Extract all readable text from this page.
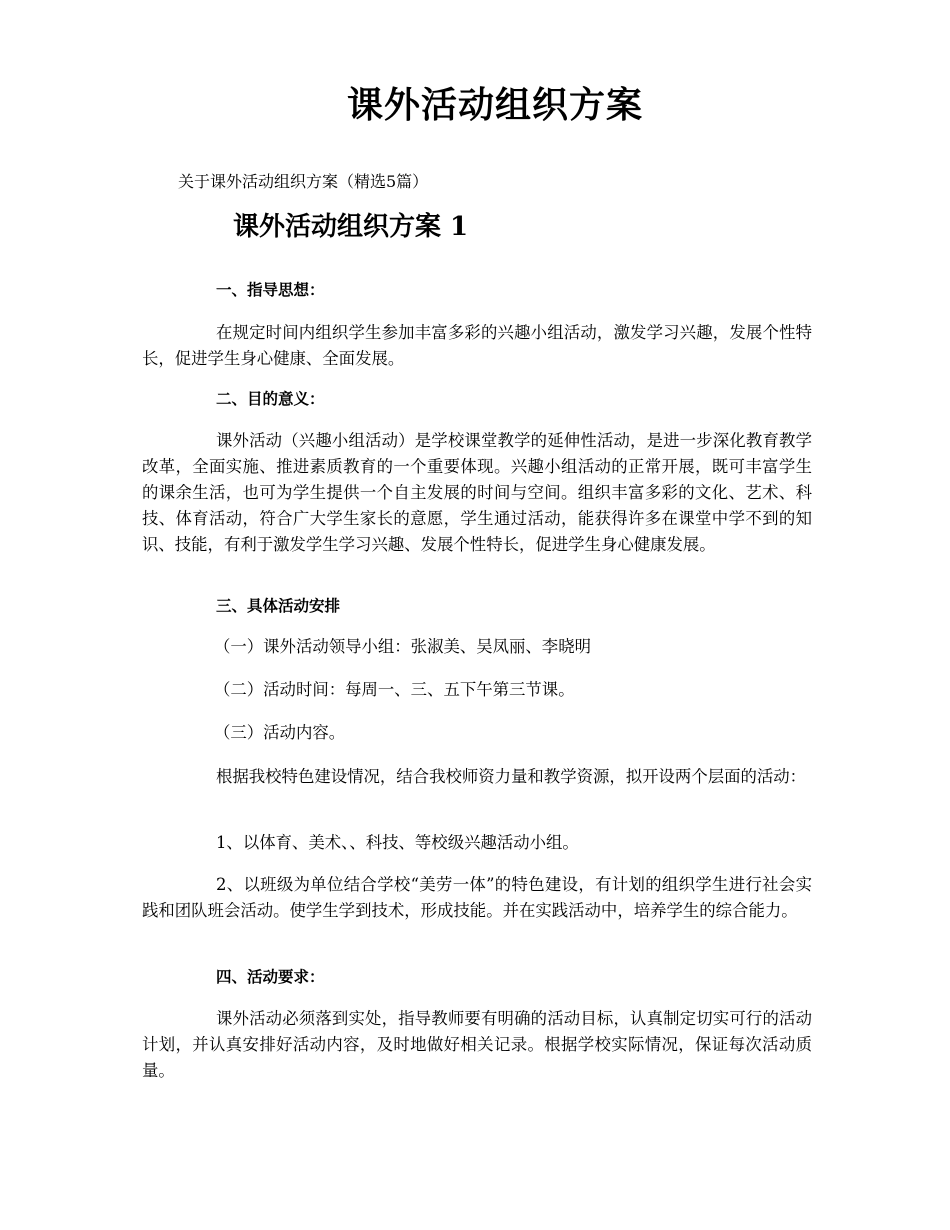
课外活动组织方案

关于课外活动组织方案（精选5篇）

课外活动组织方案 1

一、指导思想：

在规定时间内组织学生参加丰富多彩的兴趣小组活动，激发学习兴趣，发展个性特长，促进学生身心健康、全面发展。

二、目的意义：

课外活动（兴趣小组活动）是学校课堂教学的延伸性活动，是进一步深化教育教学改革，全面实施、推进素质教育的一个重要体现。兴趣小组活动的正常开展，既可丰富学生的课余生活，也可为学生提供一个自主发展的时间与空间。组织丰富多彩的文化、艺术、科技、体育活动，符合广大学生家长的意愿，学生通过活动，能获得许多在课堂中学不到的知识、技能，有利于激发学生学习兴趣、发展个性特长，促进学生身心健康发展。

三、具体活动安排

（一）课外活动领导小组：张淑美、吴凤丽、李晓明

（二）活动时间：每周一、三、五下午第三节课。

（三）活动内容。

根据我校特色建设情况，结合我校师资力量和教学资源，拟开设两个层面的活动：

1、以体育、美术、、科技、等校级兴趣活动小组。

2、以班级为单位结合学校“美劳一体”的特色建设，有计划的组织学生进行社会实践和团队班会活动。使学生学到技术，形成技能。并在实践活动中，培养学生的综合能力。

四、活动要求：

课外活动必须落到实处，指导教师要有明确的活动目标，认真制定切实可行的活动计划，并认真安排好活动内容，及时地做好相关记录。根据学校实际情况，保证每次活动质量。
